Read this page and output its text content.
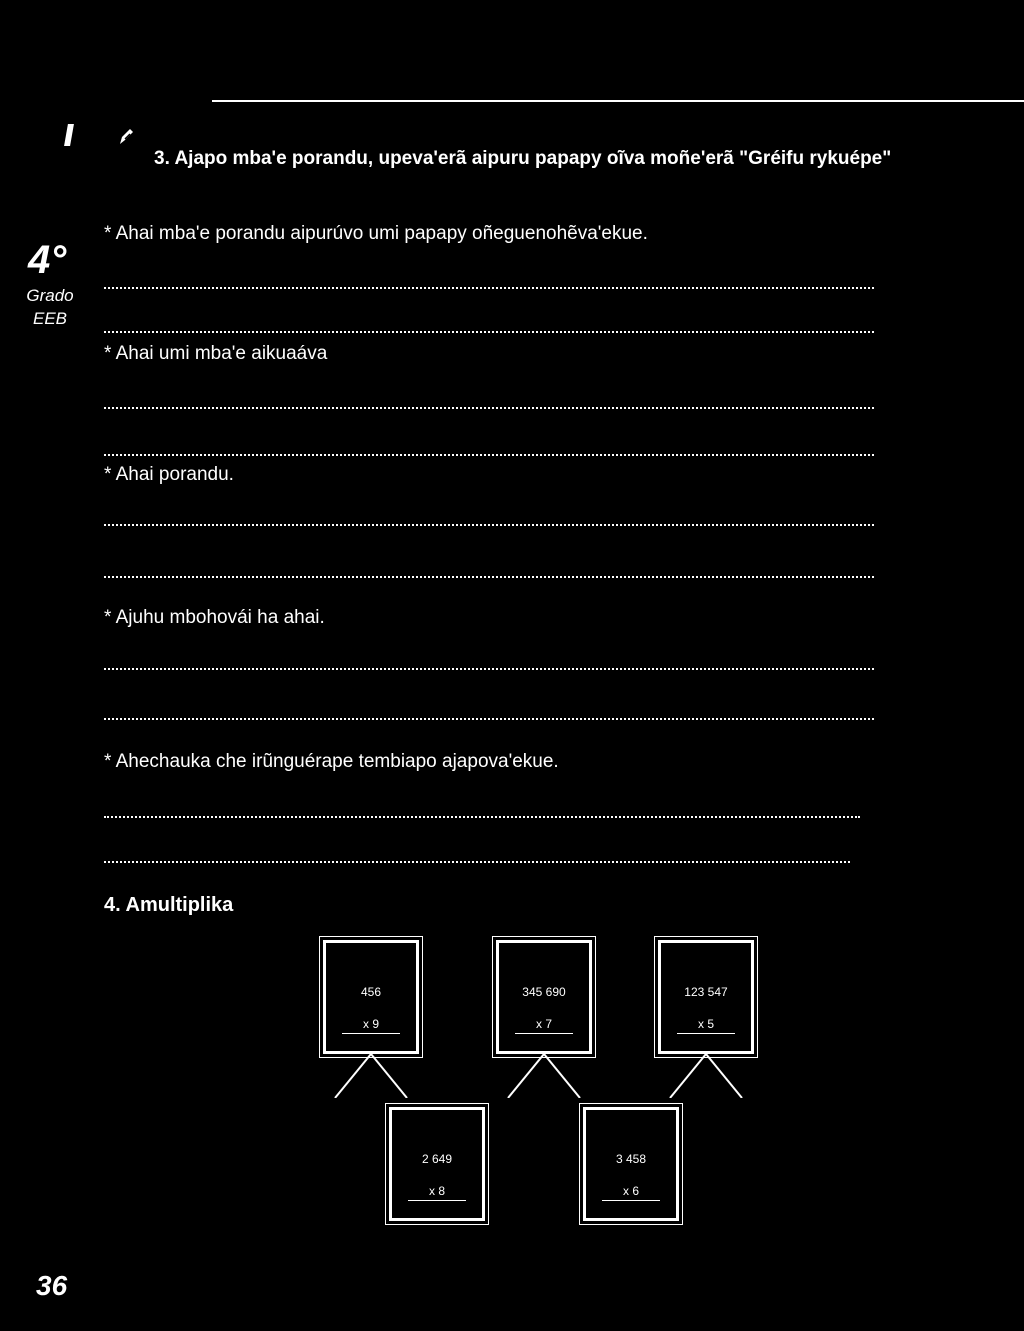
4°
Grado
EEB
3. Ajapo mba'e porandu, upeva'erã aipuru papapy oĩva moñe'erã "Gréifu rykuépe"
* Ahai mba'e porandu aipurúvo umi papapy oñeguenohẽva'ekue.
* Ahai umi mba'e aikuaáva
* Ahai porandu.
* Ajuhu mbohovái ha ahai.
* Ahechauka che irũnguérape tembiapo ajapova'ekue.
4. Amultiplika
456
x 9
345 690
x 7
123 547
x 5
2 649
x 8
3 458
x 6
36
